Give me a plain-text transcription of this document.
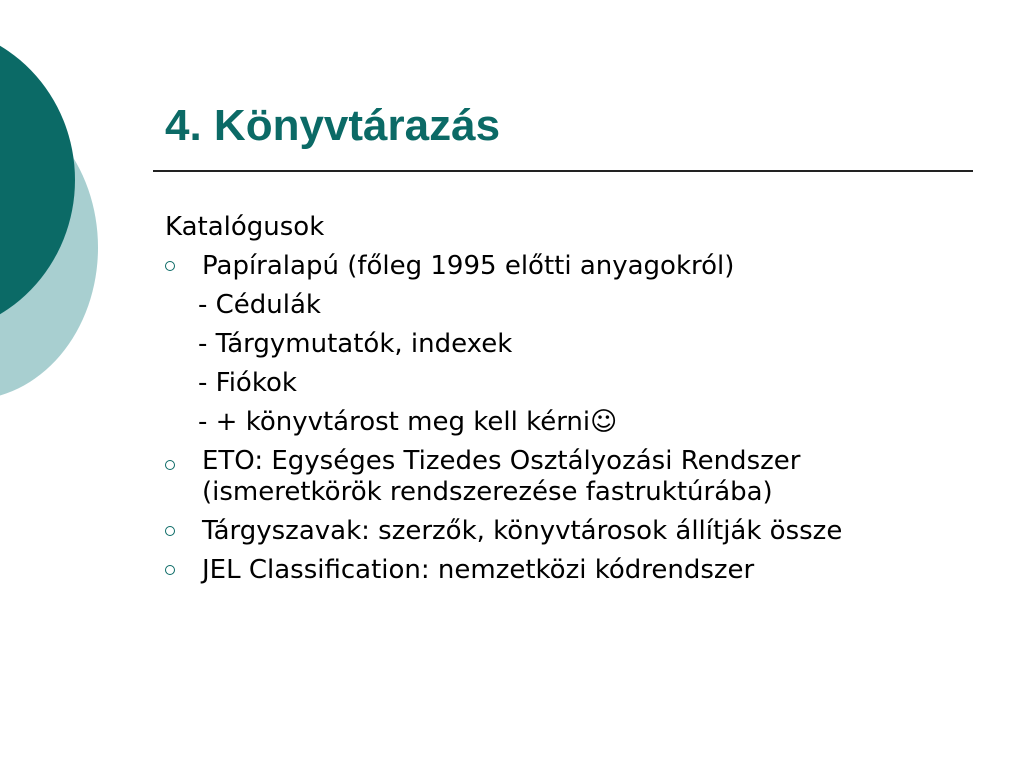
4. Könyvtárazás
Katalógusok
Papíralapú (főleg 1995 előtti anyagokról)
- Cédulák
- Tárgymutatók, indexek
- Fiókok
- + könyvtárost meg kell kérni☺
ETO: Egységes Tizedes Osztályozási Rendszer
(ismeretkörök rendszerezése fastruktúrába)
Tárgyszavak: szerzők, könyvtárosok állítják össze
JEL Classification: nemzetközi kódrendszer
